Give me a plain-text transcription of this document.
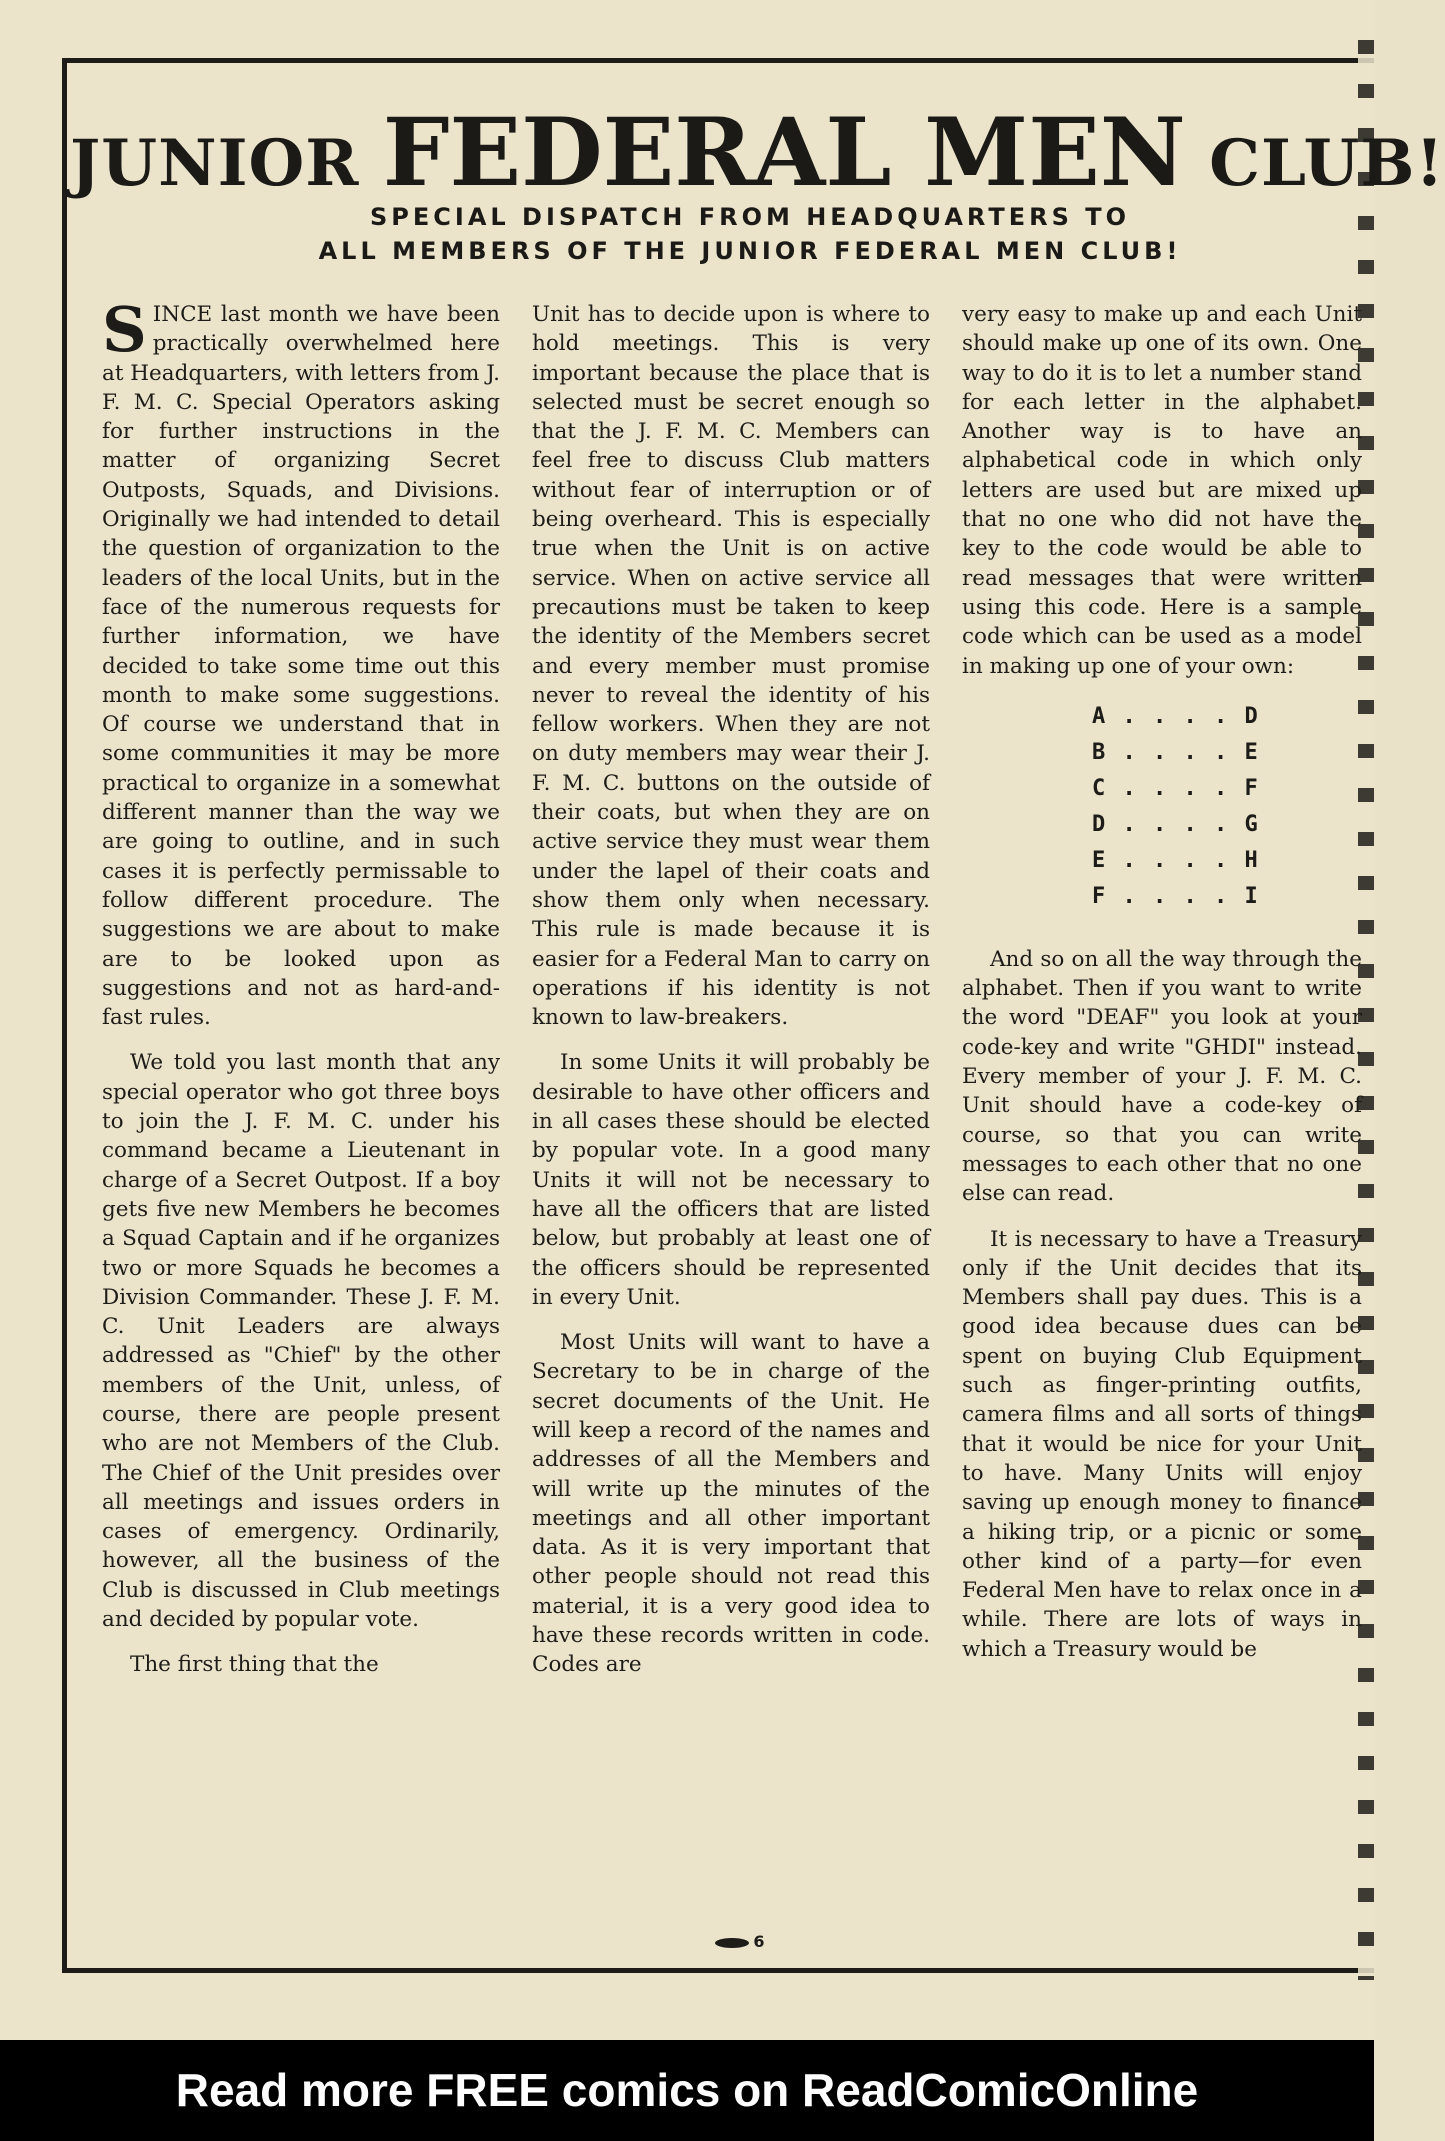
JUNIOR FEDERAL MEN CLUB!
SPECIAL DISPATCH FROM HEADQUARTERS TO
ALL MEMBERS OF THE JUNIOR FEDERAL MEN CLUB!

SINCE last month we have been practically overwhelmed here at Headquarters, with letters from J. F. M. C. Special Operators asking for further instructions in the matter of organizing Secret Outposts, Squads, and Divisions. Originally we had intended to detail the question of organization to the leaders of the local Units, but in the face of the numerous requests for further information, we have decided to take some time out this month to make some suggestions. Of course we understand that in some communities it may be more practical to organize in a somewhat different manner than the way we are going to outline, and in such cases it is perfectly permissable to follow different procedure. The suggestions we are about to make are to be looked upon as suggestions and not as hard-and-fast rules.

We told you last month that any special operator who got three boys to join the J. F. M. C. under his command became a Lieutenant in charge of a Secret Outpost. If a boy gets five new Members he becomes a Squad Captain and if he organizes two or more Squads he becomes a Division Commander. These J. F. M. C. Unit Leaders are always addressed as "Chief" by the other members of the Unit, unless, of course, there are people present who are not Members of the Club. The Chief of the Unit presides over all meetings and issues orders in cases of emergency. Ordinarily, however, all the business of the Club is discussed in Club meetings and decided by popular vote.

The first thing that the

Unit has to decide upon is where to hold meetings. This is very important because the place that is selected must be secret enough so that the J. F. M. C. Members can feel free to discuss Club matters without fear of interruption or of being overheard. This is especially true when the Unit is on active service. When on active service all precautions must be taken to keep the identity of the Members secret and every member must promise never to reveal the identity of his fellow workers. When they are not on duty members may wear their J. F. M. C. buttons on the outside of their coats, but when they are on active service they must wear them under the lapel of their coats and show them only when necessary. This rule is made because it is easier for a Federal Man to carry on operations if his identity is not known to law-breakers.

In some Units it will probably be desirable to have other officers and in all cases these should be elected by popular vote. In a good many Units it will not be necessary to have all the officers that are listed below, but probably at least one of the officers should be represented in every Unit.

Most Units will want to have a Secretary to be in charge of the secret documents of the Unit. He will keep a record of the names and addresses of all the Members and will write up the minutes of the meetings and all other important data. As it is very important that other people should not read this material, it is a very good idea to have these records written in code. Codes are

very easy to make up and each Unit should make up one of its own. One way to do it is to let a number stand for each letter in the alphabet. Another way is to have an alphabetical code in which only letters are used but are mixed up that no one who did not have the key to the code would be able to read messages that were written using this code. Here is a sample code which can be used as a model in making up one of your own:

A . . . . D
B . . . . E
C . . . . F
D . . . . G
E . . . . H
F . . . . I

And so on all the way through the alphabet. Then if you want to write the word "DEAF" you look at your code-key and write "GHDI" instead. Every member of your J. F. M. C. Unit should have a code-key of course, so that you can write messages to each other that no one else can read.

It is necessary to have a Treasury only if the Unit decides that its Members shall pay dues. This is a good idea because dues can be spent on buying Club Equipment such as finger-printing outfits, camera films and all sorts of things that it would be nice for your Unit to have. Many Units will enjoy saving up enough money to finance a hiking trip, or a picnic or some other kind of a party—for even Federal Men have to relax once in a while. There are lots of ways in which a Treasury would be

6
Read more FREE comics on ReadComicOnline
